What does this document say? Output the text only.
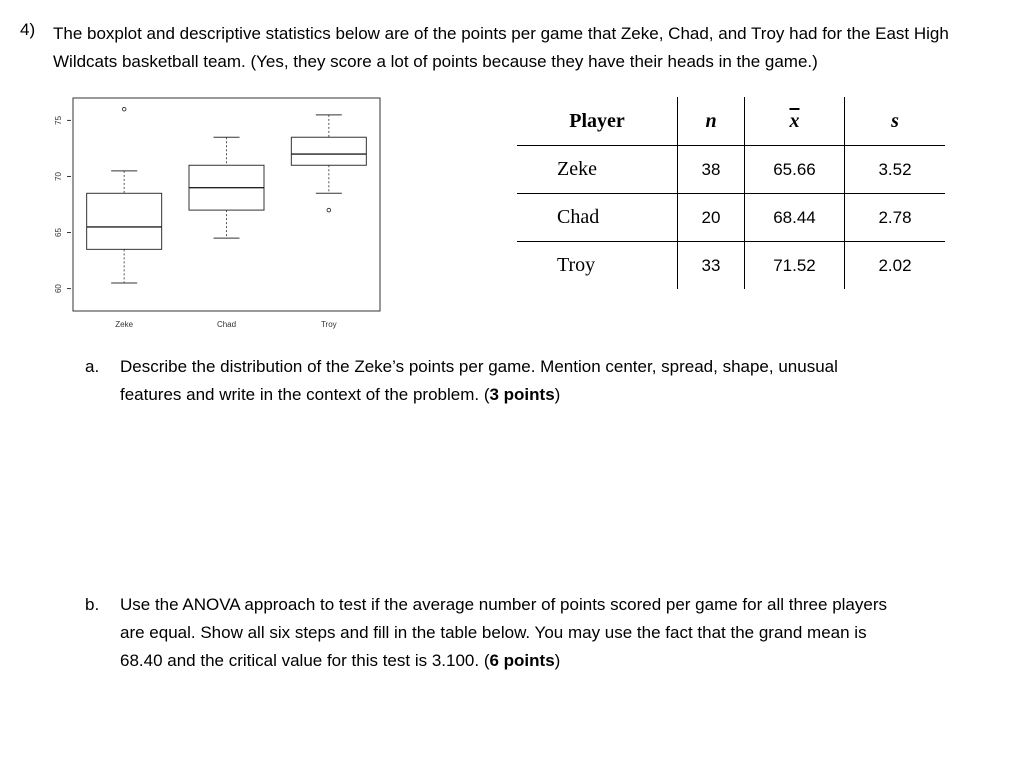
4) The boxplot and descriptive statistics below are of the points per game that Zeke, Chad, and Troy had for the East High Wildcats basketball team. (Yes, they score a lot of points because they have their heads in the game.)
60
65
70
75
Zeke	Chad	Troy
Player	n	$\overline{x}$	s
Zeke	38	65.66	3.52
Chad	20	68.44	2.78
Troy	33	71.52	2.02
a. Describe the distribution of the Zeke’s points per game. Mention center, spread, shape, unusual
features and write in the context of the problem. (3 points)
b. Use the ANOVA approach to test if the average number of points scored per game for all three players
are equal. Show all six steps and fill in the table below. You may use the fact that the grand mean is
68.40 and the critical value for this test is 3.100. (6 points)
